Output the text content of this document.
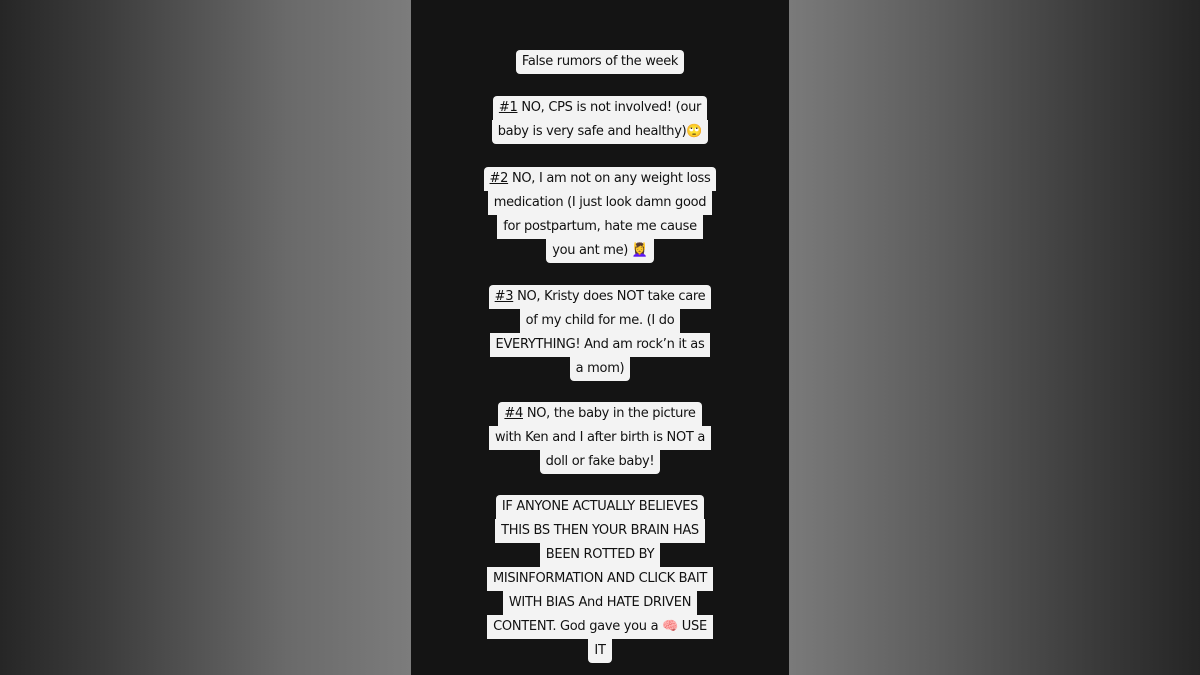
False rumors of the week
#1 NO, CPS is not involved! (our
baby is very safe and healthy)🙄
#2 NO, I am not on any weight loss
medication (I just look damn good
for postpartum, hate me cause
you ant me) 💆‍♀️
#3 NO, Kristy does NOT take care
of my child for me. (I do
EVERYTHING! And am rock’n it as
a mom)
#4 NO, the baby in the picture
with Ken and I after birth is NOT a
doll or fake baby!
IF ANYONE ACTUALLY BELIEVES
THIS BS THEN YOUR BRAIN HAS
BEEN ROTTED BY
MISINFORMATION AND CLICK BAIT
WITH BIAS And HATE DRIVEN
CONTENT. God gave you a 🧠 USE
IT
